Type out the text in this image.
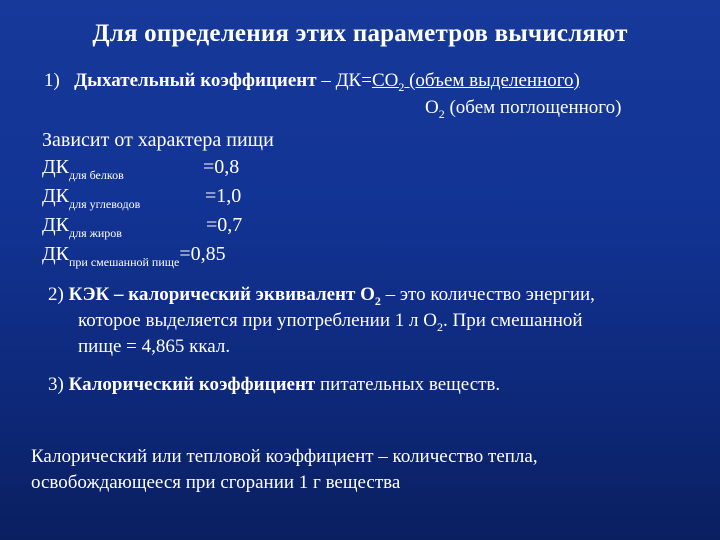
Для определения этих параметров вычисляют
1) Дыхательный коэффициент – $ДК=CO_2$ (объем выделенного)
$O_2$ (обем поглощенного)
Зависит от характера пищи
$ДК_{для белков}$	=0,8
$ДК_{для углеводов}$	=1,0
$ДК_{для жиров}$	=0,7
$ДК_{при смешанной пище}=0,85$
2) КЭК – калорический эквивалент $О_2$ – это количество энергии,
которое выделяется при употреблении 1 л $О_2$. При смешанной
пище = 4,865 ккал.
3) Калорический коэффициент питательных веществ.
Калорический или тепловой коэффициент – количество тепла,
освобождающееся при сгорании 1 г вещества
